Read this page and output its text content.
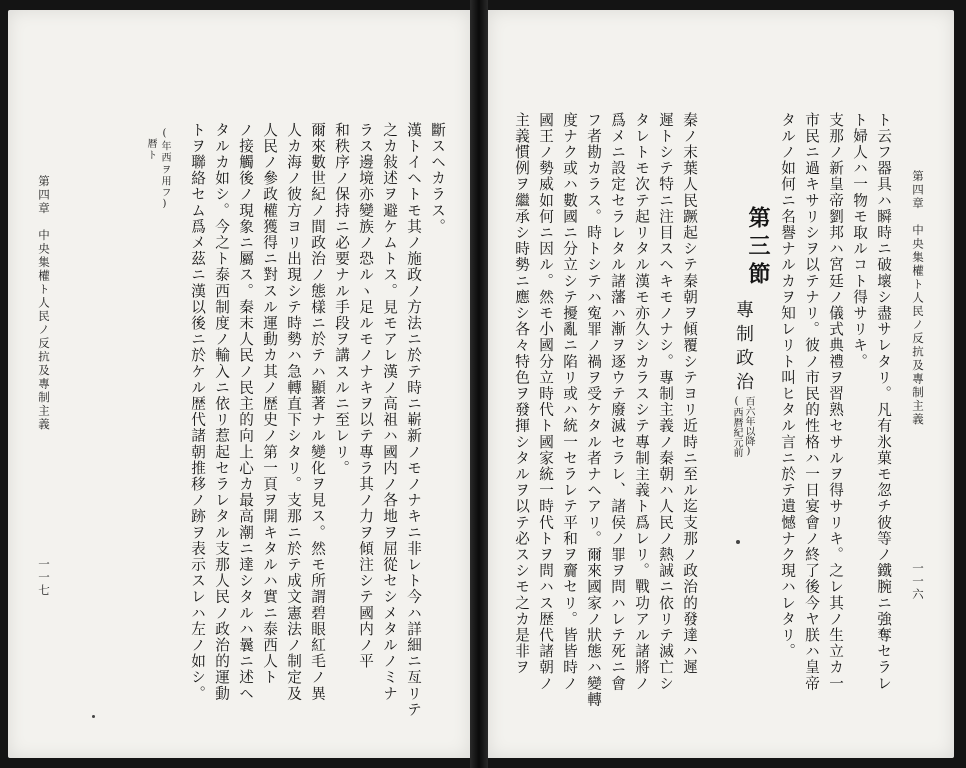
第四章　中央集權ト人民ノ反抗及專制主義
一一七
(年西
暦ト
ヲ用フ)	斷スヘカラス。
漢トイヘトモ其ノ施政ノ方法ニ於テ時ニ嶄新ノモノナキニ非レト今ハ詳細ニ亙リテ
之カ敍述ヲ避ケムトス。見モアレ漢ノ高祖ハ國内ノ各地ヲ屈從セシメタルノミナ
ラス邊境亦變族ノ恐ルヽ足ルモノナキヲ以テ專ラ其ノ力ヲ傾注シテ國内ノ平
和秩序ノ保持ニ必要ナル手段ヲ講スルニ至レリ。
爾來數世紀ノ間政治ノ態樣ニ於テハ顯著ナル變化ヲ見ス。然モ所謂碧眼紅毛ノ異
人カ海ノ彼方ヨリ出現シテ時勢ハ急轉直下シタリ。支那ニ於テ成文憲法ノ制定及
人民ノ參政權獲得ニ對スル運動カ其ノ歴史ノ第一頁ヲ開キタルハ實ニ泰西人ト
ノ接觸後ノ現象ニ屬ス。秦末人民ノ民主的向上心カ最高潮ニ達シタルハ曩ニ述ヘ
タルカ如シ。今之ト泰西制度ノ輸入ニ依リ惹起セラレタル支那人民ノ政治的運動
トヲ聯絡セム爲メ茲ニ漢以後ニ於ケル歴代諸朝推移ノ跡ヲ表示スレハ左ノ如シ。	第四章　中央集權ト人民ノ反抗及專制主義
一一六
ト云フ器具ハ瞬時ニ破壞シ盡サレタリ。凡有氷菓モ忽チ彼等ノ鐵腕ニ強奪セラレ
ト婦人ハ一物モ取ルコト得サリキ。
支那ノ新皇帝劉邦ハ宮廷ノ儀式典禮ヲ習熟セサルヲ得サリキ。之レ其ノ生立カ一
市民ニ過キサリシヲ以テナリ。彼ノ市民的性格ハ一日宴會ノ終了後今ヤ朕ハ皇帝
タルノ如何ニ名譽ナルカヲ知レリト叫ヒタル言ニ於テ遺憾ナク現ハレタリ。
第三節
專制政治
(西暦紀元前 百六年以降)
秦ノ末葉人民蹶起シテ秦朝ヲ傾覆シテヨリ近時ニ至ル迄支那ノ政治的發達ハ遲
遲トシテ特ニ注目スヘキモノナシ。專制主義ノ秦朝ハ人民ノ熱誠ニ依リテ滅亡シ
タレトモ次テ起リタル漢モ亦久シカラスシテ專制主義ト爲レリ。戰功アル諸將ノ
爲メニ設定セラレタル諸藩ハ漸ヲ逐ウテ廢滅セラレ、諸侯ノ罪ヲ問ハレテ死ニ會
フ者勘カラス。時トシテハ寃罪ノ禍ヲ受ケタル者ナヘアリ。爾來國家ノ狀態ハ變轉
度ナク或ハ數國ニ分立シテ擾亂ニ陷リ或ハ統一セラレテ平和ヲ齎セリ。皆皆時ノ
國王ノ勢威如何ニ因ル。然モ小國分立時代ト國家統一時代トヲ問ハス歴代諸朝ノ
主義慣例ヲ繼承シ時勢ニ應シ各々特色ヲ發揮シタルヲ以テ必スシモ之カ是非ヲ
